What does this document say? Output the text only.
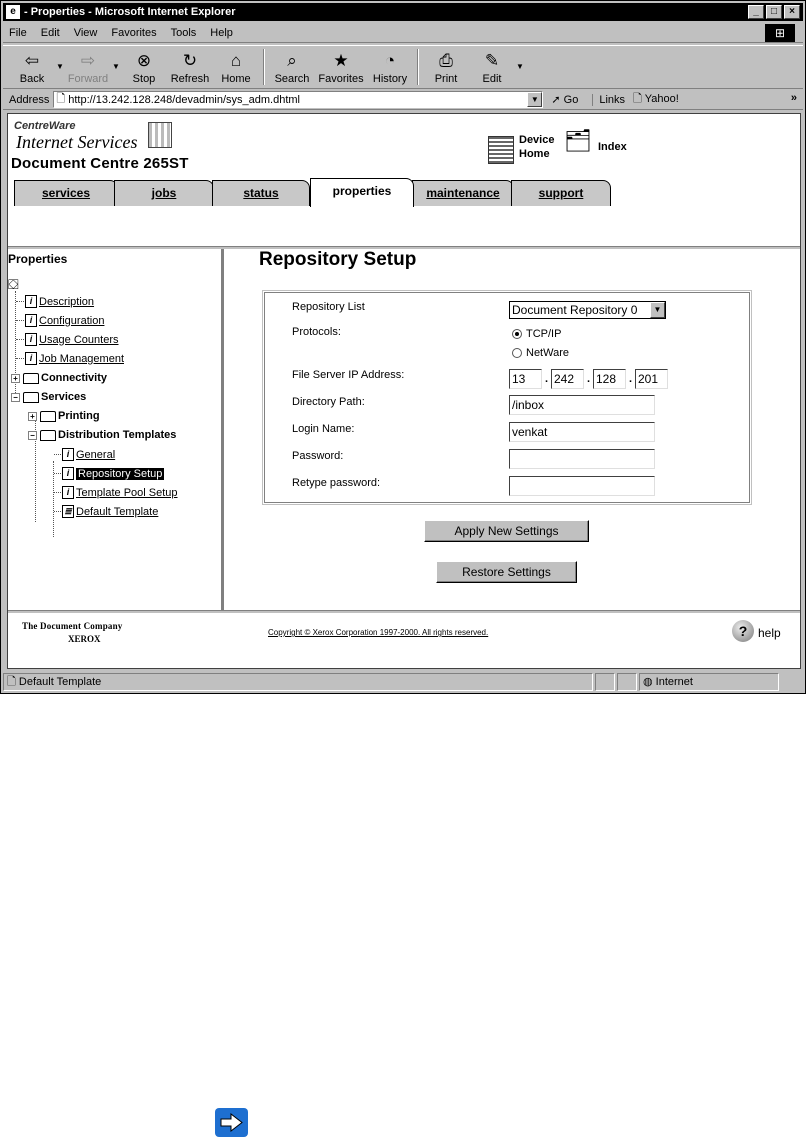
e - Properties - Microsoft Internet Explorer	_	□	×
File Edit View Favorites Tools Help	⊞
⇦
Back
▼ ⇨
Forward
▼ ⊗
Stop
↻
Refresh
⌂
Home
⌕
Search
★
Favorites
◔
History
⎙
Print
✎
Edit
▼
Address 🗋 http://13.242.128.248/devadmin/sys_adm.dhtml	▼	➚ Go	Links 🗋 Yahoo!	»
CentreWare
Internet Services
Document Centre 265ST
Device
Home
🗂 Index
services	jobs	status	properties	maintenance	support
Properties
⛋
i Description
i Configuration
i Usage Counters
i Job Management
+ Connectivity
− Services
+ Printing
− Distribution Templates
i General
i Repository Setup
i Template Pool Setup
≣ Default Template
Repository Setup
Repository List	Document Repository 0	▼
Protocols:	TCP/IP
NetWare
File Server IP Address:	13	. 242	. 128	. 201
Directory Path:	/inbox
Login Name:	venkat
Password:
Retype password:
Apply New Settings
Restore Settings
The Document Company
XEROX
Copyright © Xerox Corporation 1997-2000. All rights reserved.	? help
🗋 Default Template	◍ Internet
